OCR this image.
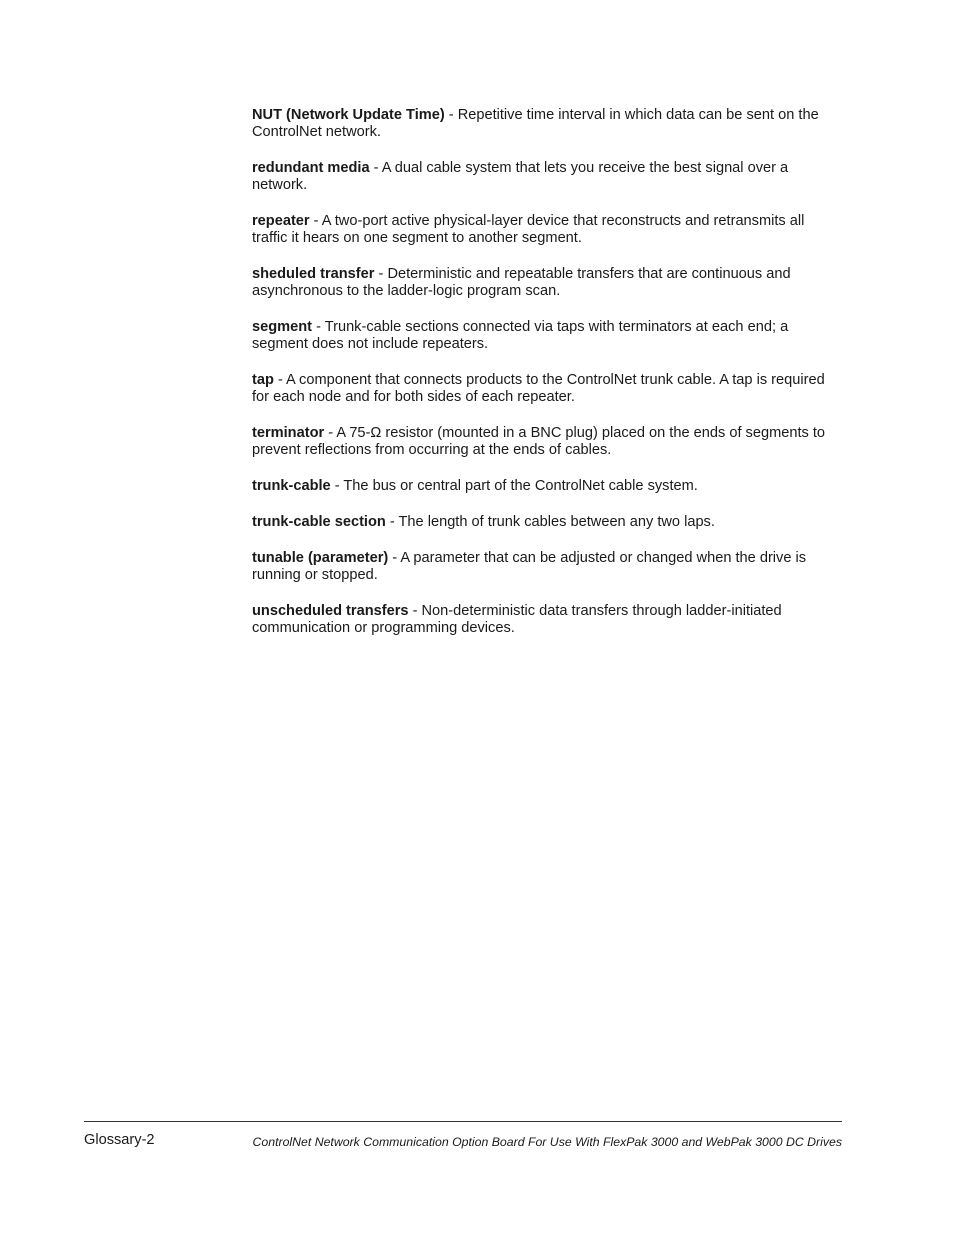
NUT (Network Update Time) - Repetitive time interval in which data can be sent on the ControlNet network.

redundant media - A dual cable system that lets you receive the best signal over a network.

repeater - A two-port active physical-layer device that reconstructs and retransmits all traffic it hears on one segment to another segment.

sheduled transfer - Deterministic and repeatable transfers that are continuous and asynchronous to the ladder-logic program scan.

segment - Trunk-cable sections connected via taps with terminators at each end; a segment does not include repeaters.

tap - A component that connects products to the ControlNet trunk cable. A tap is required for each node and for both sides of each repeater.

terminator - A 75-Ω resistor (mounted in a BNC plug) placed on the ends of segments to prevent reflections from occurring at the ends of cables.

trunk-cable - The bus or central part of the ControlNet cable system.

trunk-cable section - The length of trunk cables between any two laps.

tunable (parameter) - A parameter that can be adjusted or changed when the drive is running or stopped.

unscheduled transfers - Non-deterministic data transfers through ladder-initiated communication or programming devices.

Glossary-2	ControlNet Network Communication Option Board For Use With FlexPak 3000 and WebPak 3000 DC Drives
